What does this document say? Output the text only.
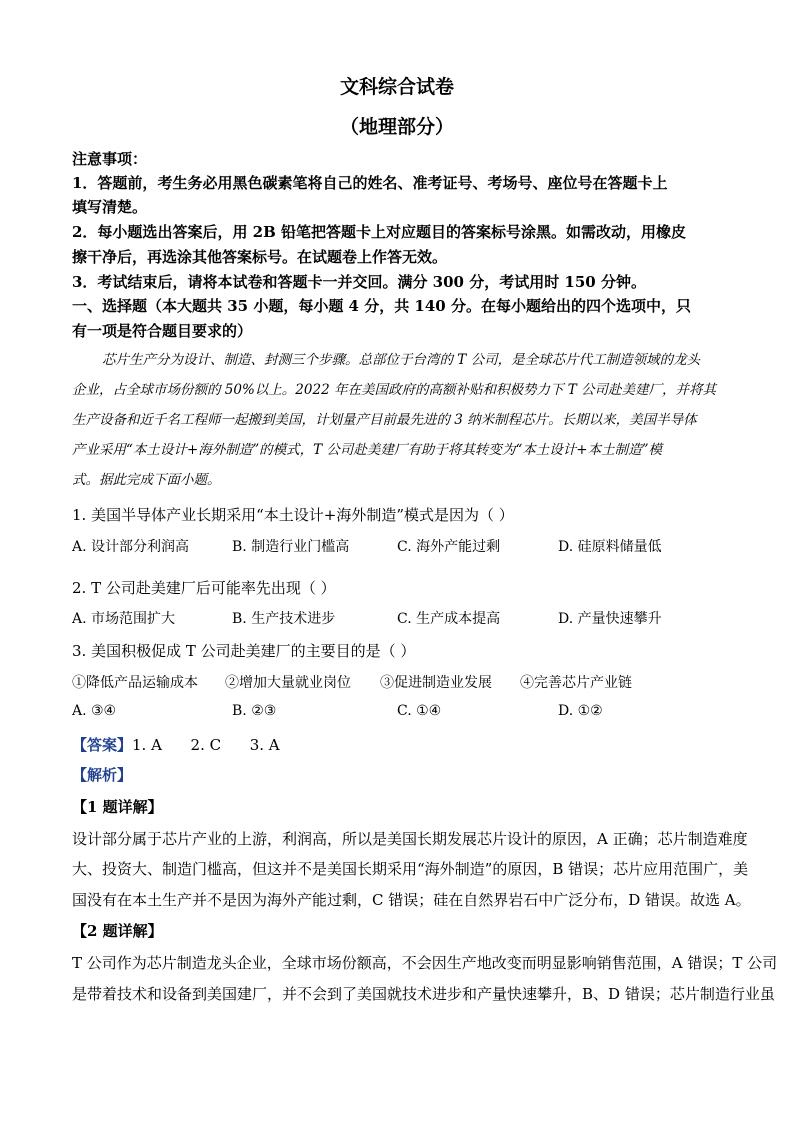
文科综合试卷
（地理部分）
注意事项：
1．答题前，考生务必用黑色碳素笔将自己的姓名、准考证号、考场号、座位号在答题卡上
填写清楚。
2．每小题选出答案后，用 2B 铅笔把答题卡上对应题目的答案标号涂黑。如需改动，用橡皮
擦干净后，再选涂其他答案标号。在试题卷上作答无效。
3．考试结束后，请将本试卷和答题卡一并交回。满分 300 分，考试用时 150 分钟。
一、选择题（本大题共 35 小题，每小题 4 分，共 140 分。在每小题给出的四个选项中，只
有一项是符合题目要求的）
芯片生产分为设计、制造、封测三个步骤。总部位于台湾的 T 公司，是全球芯片代工制造领域的龙头
企业，占全球市场份额的 50%以上。2022 年在美国政府的高额补贴和积极势力下 T 公司赴美建厂，并将其
生产设备和近千名工程师一起搬到美国，计划量产目前最先进的 3 纳米制程芯片。长期以来，美国半导体
产业采用“本土设计+海外制造”的模式，T 公司赴美建厂有助于将其转变为“本土设计+本土制造”模
式。据此完成下面小题。
1. 美国半导体产业长期采用“本土设计+海外制造”模式是因为（ ）
A. 设计部分利润高	B. 制造行业门槛高	C. 海外产能过剩	D. 硅原料储量低
2. T 公司赴美建厂后可能率先出现（ ）
A. 市场范围扩大	B. 生产技术进步	C. 生产成本提高	D. 产量快速攀升
3. 美国积极促成 T 公司赴美建厂的主要目的是（ ）
①降低产品运输成本 ②增加大量就业岗位 ③促进制造业发展 ④完善芯片产业链
A. ③④	B. ②③	C. ①④	D. ①②
【答案】1. A      2. C      3. A
【解析】
【1 题详解】
设计部分属于芯片产业的上游，利润高，所以是美国长期发展芯片设计的原因，A 正确；芯片制造难度
大、投资大、制造门槛高，但这并不是美国长期采用“海外制造”的原因，B 错误；芯片应用范围广，美
国没有在本土生产并不是因为海外产能过剩，C 错误；硅在自然界岩石中广泛分布，D 错误。故选 A。
【2 题详解】
T 公司作为芯片制造龙头企业，全球市场份额高，不会因生产地改变而明显影响销售范围，A 错误；T 公司
是带着技术和设备到美国建厂，并不会到了美国就技术进步和产量快速攀升，B、D 错误；芯片制造行业虽
